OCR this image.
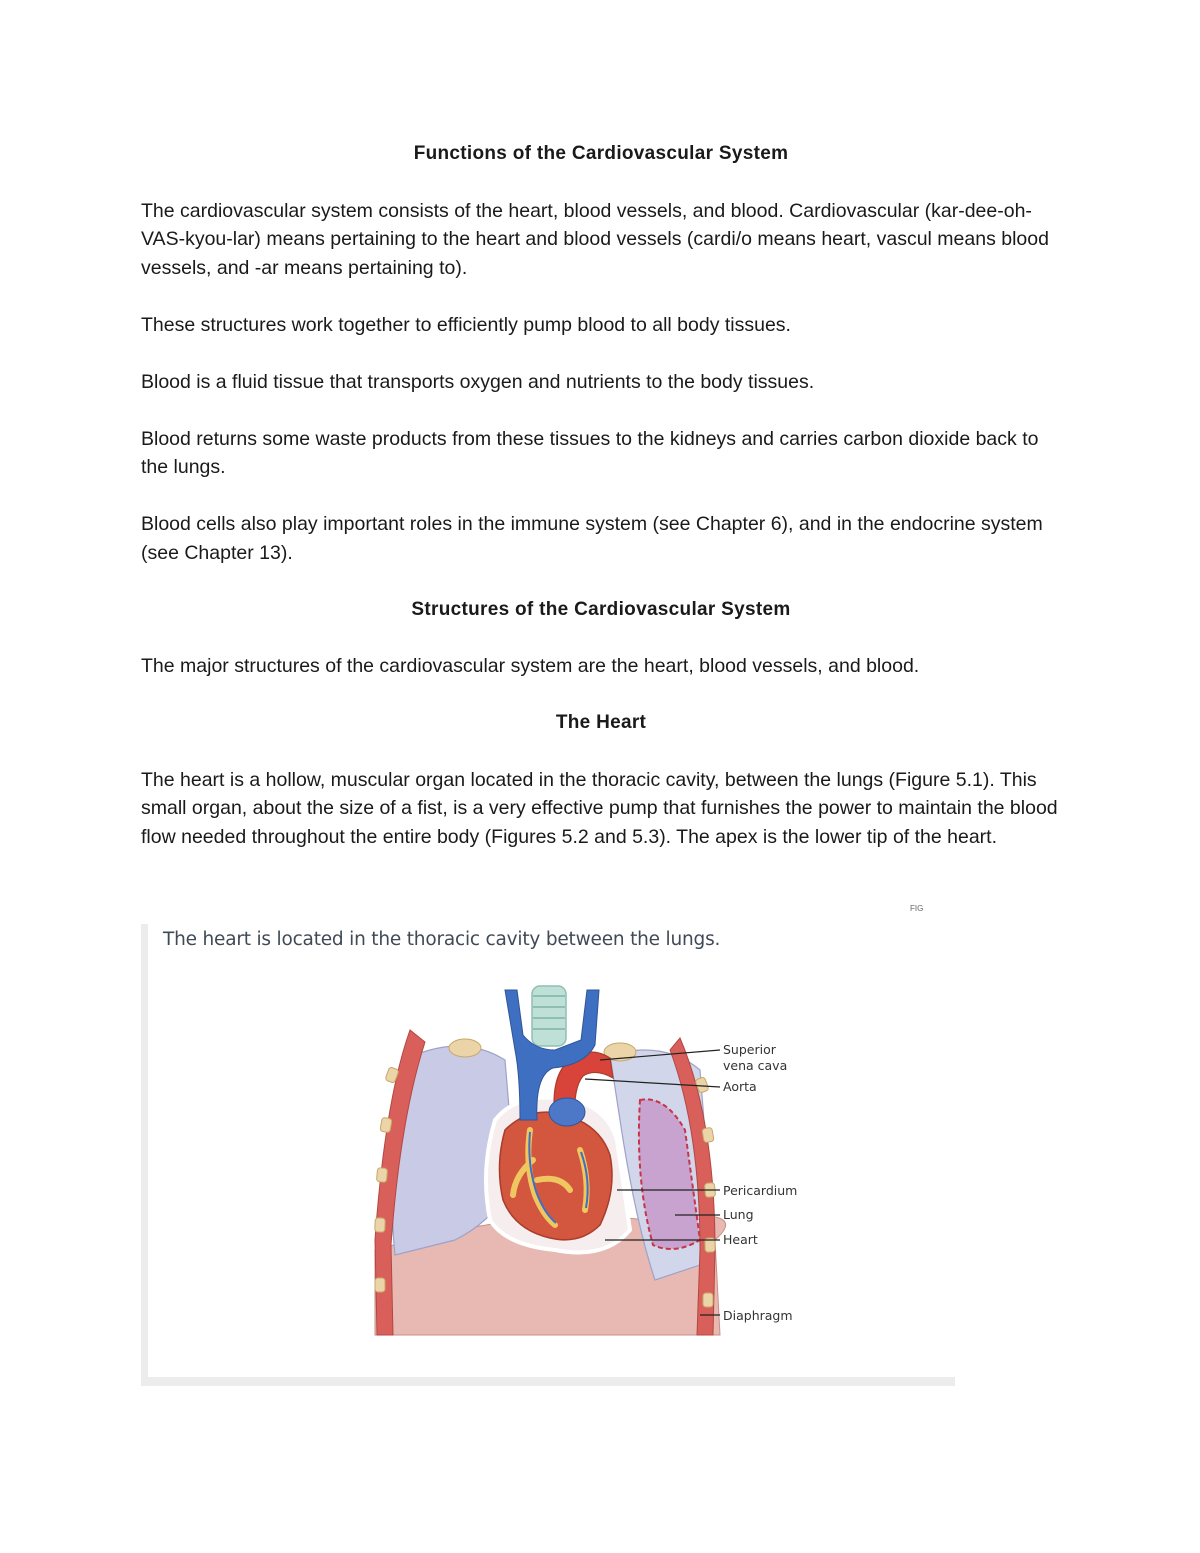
Functions of the Cardiovascular System

The cardiovascular system consists of the heart, blood vessels, and blood. Cardiovascular (kar-dee-oh-VAS-kyou-lar) means pertaining to the heart and blood vessels (cardi/o means heart, vascul means blood vessels, and -ar means pertaining to).

These structures work together to efficiently pump blood to all body tissues.

Blood is a fluid tissue that transports oxygen and nutrients to the body tissues.

Blood returns some waste products from these tissues to the kidneys and carries carbon dioxide back to the lungs.

Blood cells also play important roles in the immune system (see Chapter 6), and in the endocrine system (see Chapter 13).

Structures of the Cardiovascular System

The major structures of the cardiovascular system are the heart, blood vessels, and blood.

The Heart

The heart is a hollow, muscular organ located in the thoracic cavity, between the lungs (Figure 5.1). This small organ, about the size of a fist, is a very effective pump that furnishes the power to maintain the blood flow needed throughout the entire body (Figures 5.2 and 5.3). The apex is the lower tip of the heart.

FIG
The heart is located in the thoracic cavity between the lungs.
Superior
vena cava
Aorta
Pericardium
Lung
Heart
Diaphragm
